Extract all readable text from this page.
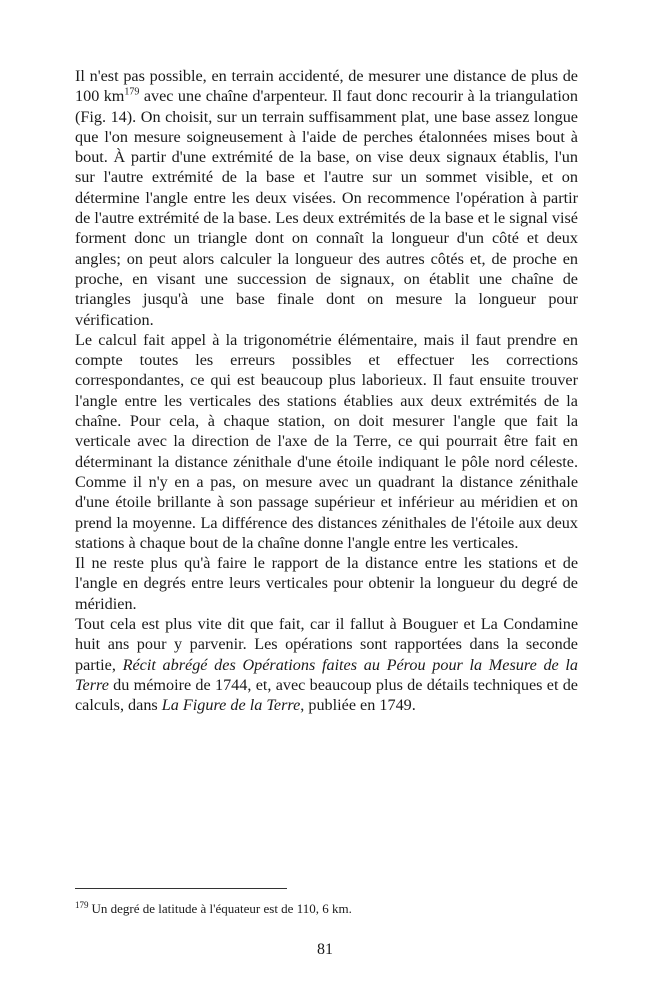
Il n'est pas possible, en terrain accidenté, de mesurer une distance de plus de 100 km$^{179}$ avec une chaîne d'arpenteur. Il faut donc recourir à la triangulation (Fig. 14). On choisit, sur un terrain suffisamment plat, une base assez longue que l'on mesure soigneusement à l'aide de perches étalonnées mises bout à bout. À partir d'une extrémité de la base, on vise deux signaux établis, l'un sur l'autre extrémité de la base et l'autre sur un sommet visible, et on détermine l'angle entre les deux visées. On recommence l'opération à partir de l'autre extrémité de la base. Les deux extrémités de la base et le signal visé forment donc un triangle dont on connaît la longueur d'un côté et deux angles; on peut alors calculer la longueur des autres côtés et, de proche en proche, en visant une succession de signaux, on établit une chaîne de triangles jusqu'à une base finale dont on mesure la longueur pour vérification.

Le calcul fait appel à la trigonométrie élémentaire, mais il faut prendre en compte toutes les erreurs possibles et effectuer les corrections correspondantes, ce qui est beaucoup plus laborieux. Il faut ensuite trouver l'angle entre les verticales des stations établies aux deux extrémités de la chaîne. Pour cela, à chaque station, on doit mesurer l'angle que fait la verticale avec la direction de l'axe de la Terre, ce qui pourrait être fait en déterminant la distance zénithale d'une étoile indiquant le pôle nord céleste. Comme il n'y en a pas, on mesure avec un quadrant la distance zénithale d'une étoile brillante à son passage supérieur et inférieur au méridien et on prend la moyenne. La différence des distances zénithales de l'étoile aux deux stations à chaque bout de la chaîne donne l'angle entre les verticales.

Il ne reste plus qu'à faire le rapport de la distance entre les stations et de l'angle en degrés entre leurs verticales pour obtenir la longueur du degré de méridien.

Tout cela est plus vite dit que fait, car il fallut à Bouguer et La Condamine huit ans pour y parvenir. Les opérations sont rapportées dans la seconde partie, Récit abrégé des Opérations faites au Pérou pour la Mesure de la Terre du mémoire de 1744, et, avec beaucoup plus de détails techniques et de calculs, dans La Figure de la Terre, publiée en 1749.

$^{179}$ Un degré de latitude à l'équateur est de 110, 6 km.
81
